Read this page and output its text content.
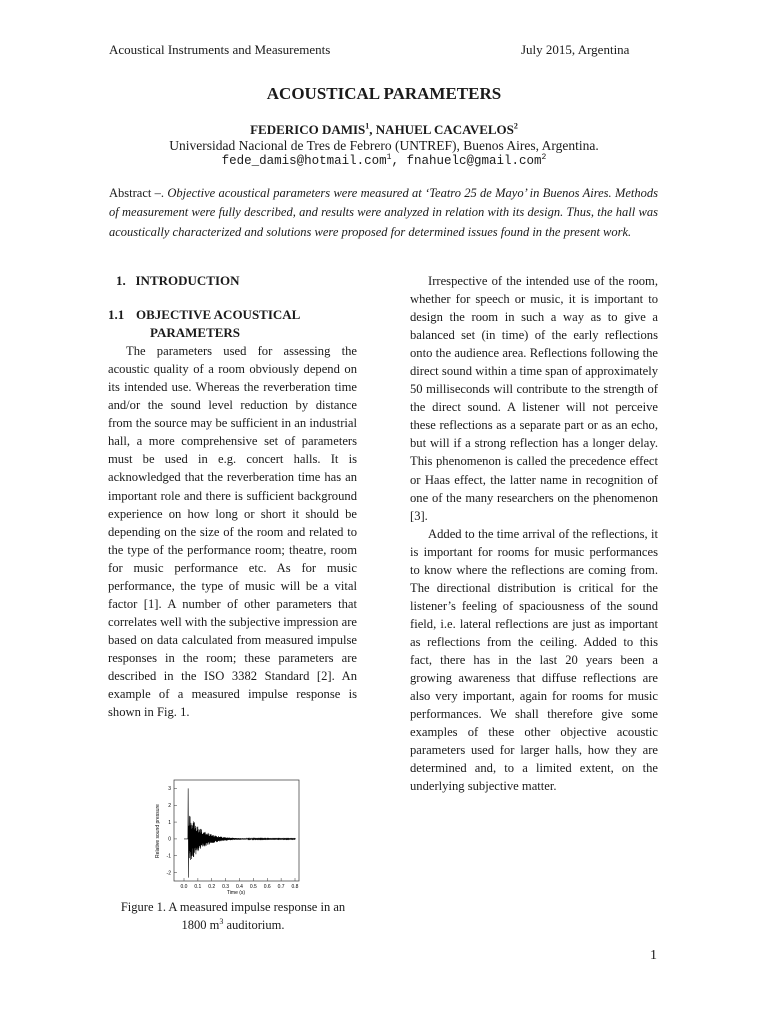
Acoustical Instruments and Measurements	July 2015, Argentina
ACOUSTICAL PARAMETERS
FEDERICO DAMIS$^1$, NAHUEL CACAVELOS$^2$
Universidad Nacional de Tres de Febrero (UNTREF), Buenos Aires, Argentina.
fede_damis@hotmail.com$^1$, fnahuelc@gmail.com$^2$
Abstract –. Objective acoustical parameters were measured at ‘Teatro 25 de Mayo’ in Buenos Aires. Methods of measurement were fully described, and results were analyzed in relation with its design. Thus, the hall was acoustically characterized and solutions were proposed for determined issues found in the present work.
1. INTRODUCTION
1.1 OBJECTIVE ACOUSTICAL
PARAMETERS

The parameters used for assessing the acoustic quality of a room obviously depend on its intended use. Whereas the reverberation time and/or the sound level reduction by distance from the source may be sufficient in an industrial hall, a more comprehensive set of parameters must be used in e.g. concert halls. It is acknowledged that the reverberation time has an important role and there is sufficient background experience on how long or short it should be depending on the size of the room and related to the type of the performance room; theatre, room for music performance etc. As for music performance, the type of music will be a vital factor [1]. A number of other parameters that correlates well with the subjective impression are based on data calculated from measured impulse responses in the room; these parameters are described in the ISO 3382 Standard [2]. An example of a measured impulse response is shown in Fig. 1.

3
2
1
0
-1
-2
0.0 0.1 0.2 0.3 0.4 0.5 0.6 0.7 0.8
Relative sound pressure
Time (s)
Figure 1. A measured impulse response in an 1800 $m^3$ auditorium.

Irrespective of the intended use of the room, whether for speech or music, it is important to design the room in such a way as to give a balanced set (in time) of the early reflections onto the audience area. Reflections following the direct sound within a time span of approximately 50 milliseconds will contribute to the strength of the direct sound. A listener will not perceive these reflections as a separate part or as an echo, but will if a strong reflection has a longer delay. This phenomenon is called the precedence effect or Haas effect, the latter name in recognition of one of the many researchers on the phenomenon [3].

Added to the time arrival of the reflections, it is important for rooms for music performances to know where the reflections are coming from. The directional distribution is critical for the listener’s feeling of spaciousness of the sound field, i.e. lateral reflections are just as important as reflections from the ceiling. Added to this fact, there has in the last 20 years been a growing awareness that diffuse reflections are also very important, again for rooms for music performances. We shall therefore give some examples of these other objective acoustic parameters used for larger halls, how they are determined and, to a limited extent, on the underlying subjective matter.

1
